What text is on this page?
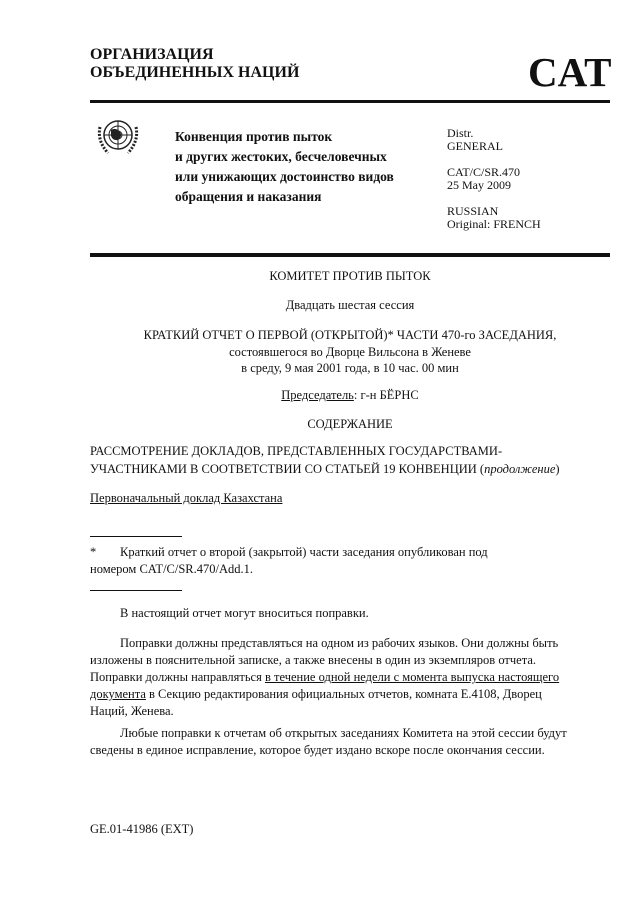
ОРГАНИЗАЦИЯ
ОБЪЕДИНЕННЫХ НАЦИЙ	CAT
Конвенция против пыток
и других жестоких, бесчеловечных
или унижающих достоинство видов
обращения и наказания
Distr.
GENERAL
CAT/C/SR.470
25 May 2009
RUSSIAN
Original: FRENCH
КОМИТЕТ ПРОТИВ ПЫТОК
Двадцать шестая сессия
КРАТКИЙ ОТЧЕТ О ПЕРВОЙ (ОТКРЫТОЙ)* ЧАСТИ 470-го ЗАСЕДАНИЯ,
состоявшегося во Дворце Вильсона в Женеве
в среду, 9 мая 2001 года, в 10 час. 00 мин
Председатель: г-н БЁРНС
СОДЕРЖАНИЕ
РАССМОТРЕНИЕ ДОКЛАДОВ, ПРЕДСТАВЛЕННЫХ ГОСУДАРСТВАМИ-
УЧАСТНИКАМИ В СООТВЕТСТВИИ СО СТАТЬЕЙ 19 КОНВЕНЦИИ (продолжение)
Первоначальный доклад Казахстана
* Краткий отчет о второй (закрытой) части заседания опубликован под
номером CAT/C/SR.470/Add.1.
В настоящий отчет могут вноситься поправки.
Поправки должны представляться на одном из рабочих языков. Они должны быть
изложены в пояснительной записке, а также внесены в один из экземпляров отчета.
Поправки должны направляться в течение одной недели с момента выпуска настоящего
документа в Секцию редактирования официальных отчетов, комната E.4108, Дворец
Наций, Женева.
Любые поправки к отчетам об открытых заседаниях Комитета на этой сессии будут
сведены в единое исправление, которое будет издано вскоре после окончания сессии.
GE.01-41986 (EXT)
